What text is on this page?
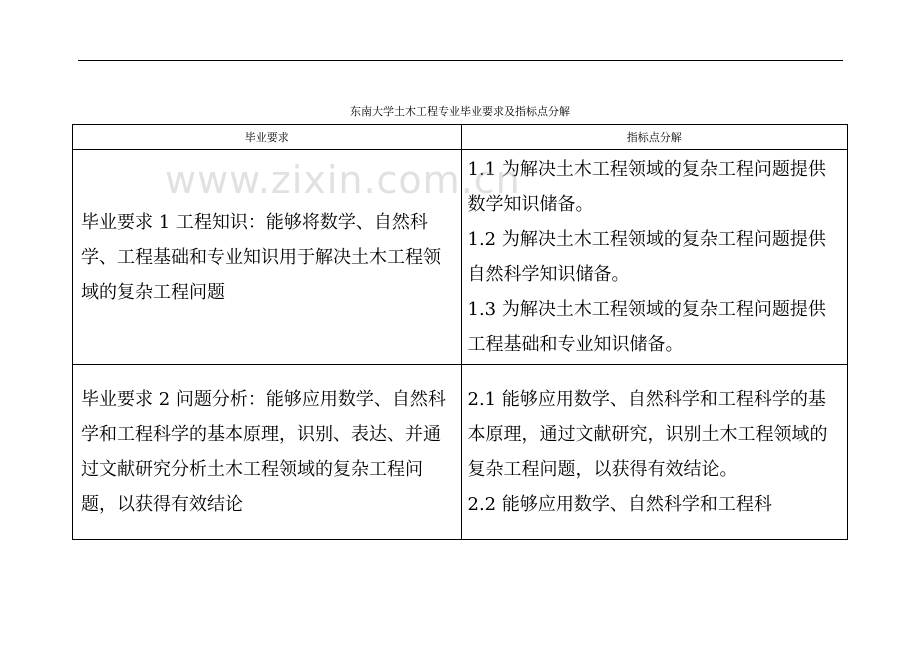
东南大学土木工程专业毕业要求及指标点分解
毕业要求	指标点分解
毕业要求 1 工程知识：能够将数学、自然科学、工程基础和专业知识用于解决土木工程领域的复杂工程问题	1.1 为解决土木工程领域的复杂工程问题提供数学知识储备。
1.2 为解决土木工程领域的复杂工程问题提供自然科学知识储备。
1.3 为解决土木工程领域的复杂工程问题提供工程基础和专业知识储备。

毕业要求 2 问题分析：能够应用数学、自然科学和工程科学的基本原理，识别、表达、并通过文献研究分析土木工程领域的复杂工程问题，以获得有效结论	2.1 能够应用数学、自然科学和工程科学的基本原理，通过文献研究，识别土木工程领域的复杂工程问题，以获得有效结论。
2.2 能够应用数学、自然科学和工程科
www.zixin.com.cn
